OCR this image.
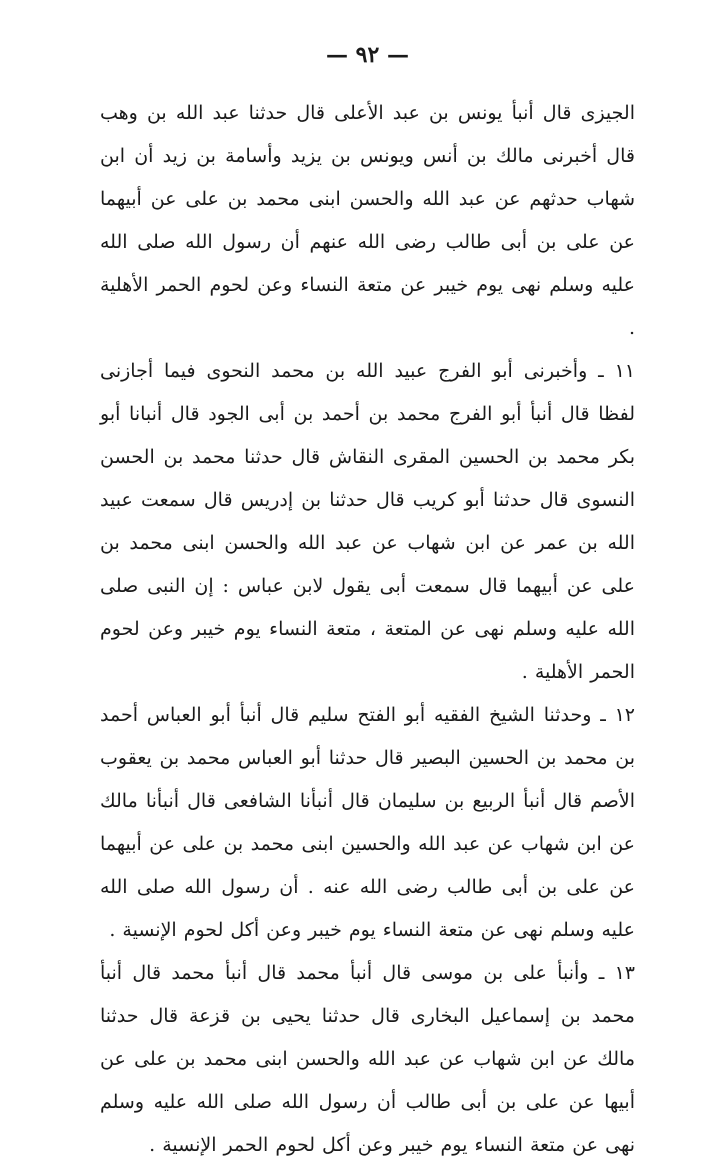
— ٩٢ —

الجيزى قال أنبأ يونس بن عبد الأعلى قال حدثنا عبد الله بن وهب قال أخبرنى مالك بن أنس ويونس بن يزيد وأسامة بن زيد أن ابن شهاب حدثهم عن عبد الله والحسن ابنى محمد بن على عن أبيهما عن على بن أبى طالب رضى الله عنهم أن رسول الله صلى الله عليه وسلم نهى يوم خيبر عن متعة النساء وعن لحوم الحمر الأهلية .

١١ ـ وأخبرنى أبو الفرج عبيد الله بن محمد النحوى فيما أجازنى لفظا قال أنبأ أبو الفرج محمد بن أحمد بن أبى الجود قال أنبانا أبو بكر محمد بن الحسين المقرى النقاش قال حدثنا محمد بن الحسن النسوى قال حدثنا أبو كريب قال حدثنا بن إدريس قال سمعت عبيد الله بن عمر عن ابن شهاب عن عبد الله والحسن ابنى محمد بن على عن أبيهما قال سمعت أبى يقول لابن عباس : إن النبى صلى الله عليه وسلم نهى عن المتعة ، متعة النساء يوم خيبر وعن لحوم الحمر الأهلية .

١٢ ـ وحدثنا الشيخ الفقيه أبو الفتح سليم قال أنبأ أبو العباس أحمد بن محمد بن الحسين البصير قال حدثنا أبو العباس محمد بن يعقوب الأصم قال أنبأ الربيع بن سليمان قال أنبأنا الشافعى قال أنبأنا مالك عن ابن شهاب عن عبد الله والحسين ابنى محمد بن على عن أبيهما عن على بن أبى طالب رضى الله عنه . أن رسول الله صلى الله عليه وسلم نهى عن متعة النساء يوم خيبر وعن أكل لحوم الإنسية .

١٣ ـ وأنبأ على بن موسى قال أنبأ محمد قال أنبأ محمد قال أنبأ محمد بن إسماعيل البخارى قال حدثنا يحيى بن قزعة قال حدثنا مالك عن ابن شهاب عن عبد الله والحسن ابنى محمد بن على عن أبيها عن على بن أبى طالب أن رسول الله صلى الله عليه وسلم نهى عن متعة النساء يوم خيبر وعن أكل لحوم الحمر الإنسية .
